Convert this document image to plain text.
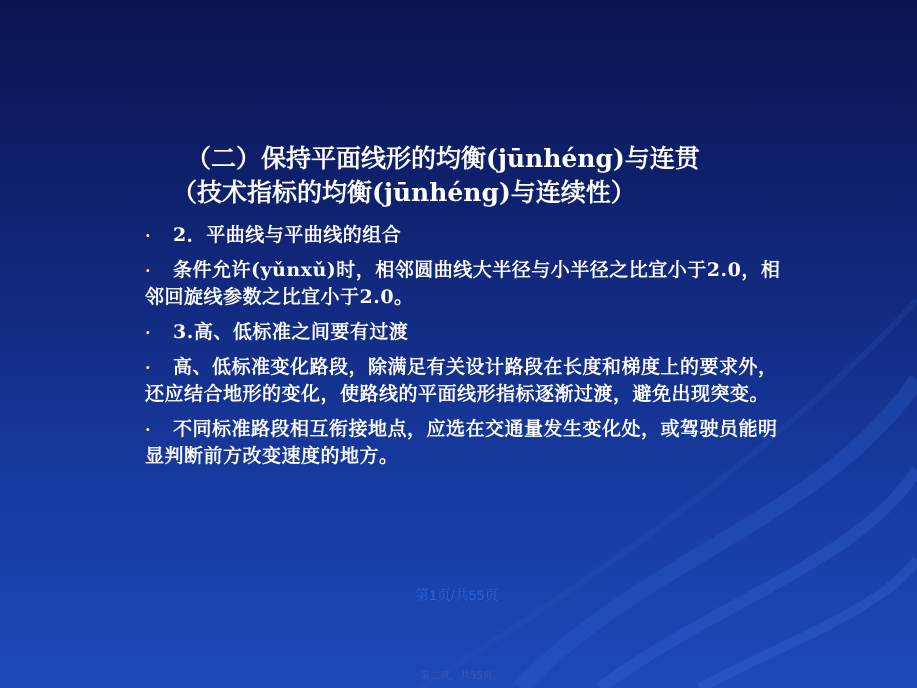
（二）保持平面线形的均衡(jūnhéng)与连贯
（技术指标的均衡(jūnhéng)与连续性）
·	2．平曲线与平曲线的组合
·	条件允许(yǔnxǔ)时，相邻圆曲线大半径与小半径之比宜小于2.0，相邻回旋线参数之比宜小于2.0。
·	3.高、低标准之间要有过渡
·	高、低标准变化路段，除满足有关设计路段在长度和梯度上的要求外，还应结合地形的变化，使路线的平面线形指标逐渐过渡，避免出现突变。
·	不同标准路段相互衔接地点，应选在交通量发生变化处，或驾驶员能明显判断前方改变速度的地方。
第1页/共55页
第二页，共55页。
